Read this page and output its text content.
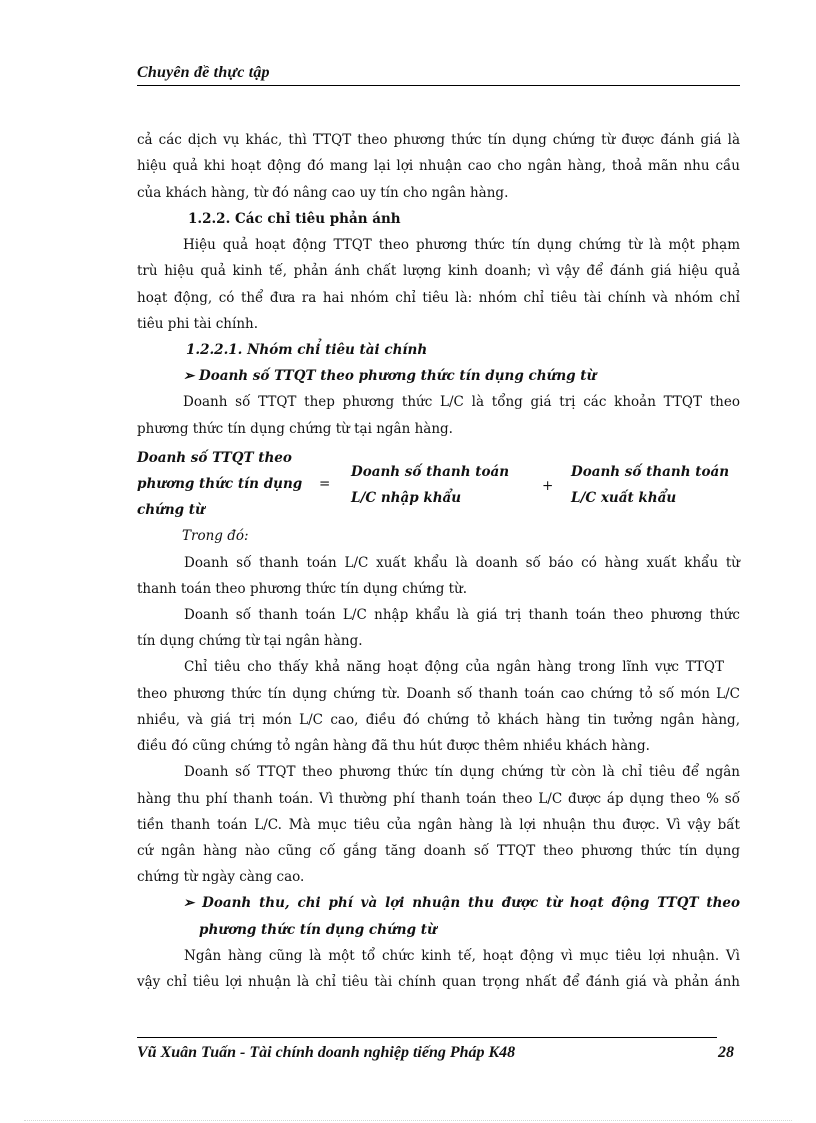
Chuyên đề thực tập
cả các dịch vụ khác, thì TTQT theo phương thức tín dụng chứng từ được đánh giá là
hiệu quả khi hoạt động đó mang lại lợi nhuận cao cho ngân hàng, thoả mãn nhu cầu
của khách hàng, từ đó nâng cao uy tín cho ngân hàng.
1.2.2. Các chỉ tiêu phản ánh
Hiệu quả hoạt động TTQT theo phương thức tín dụng chứng từ là một phạm
trù hiệu quả kinh tế, phản ánh chất lượng kinh doanh; vì vậy để đánh giá hiệu quả
hoạt động, có thể đưa ra hai nhóm chỉ tiêu là: nhóm chỉ tiêu tài chính và nhóm chỉ
tiêu phi tài chính.
1.2.2.1. Nhóm chỉ tiêu tài chính
➢ Doanh số TTQT theo phương thức tín dụng chứng từ
Doanh số TTQT thep phương thức L/C là tổng giá trị các khoản TTQT theo
phương thức tín dụng chứng từ tại ngân hàng.
Trong đó:
Doanh số thanh toán L/C xuất khẩu là doanh số báo có hàng xuất khẩu từ
thanh toán theo phương thức tín dụng chứng từ.
Doanh số thanh toán L/C nhập khẩu là giá trị thanh toán theo phương thức
tín dụng chứng từ tại ngân hàng.
Chỉ tiêu cho thấy khả năng hoạt động của ngân hàng trong lĩnh vực TTQT
theo phương thức tín dụng chứng từ. Doanh số thanh toán cao chứng tỏ số món L/C
nhiều, và giá trị món L/C cao, điều đó chứng tỏ khách hàng tin tưởng ngân hàng,
điều đó cũng chứng tỏ ngân hàng đã thu hút được thêm nhiều khách hàng.
Doanh số TTQT theo phương thức tín dụng chứng từ còn là chỉ tiêu để ngân
hàng thu phí thanh toán. Vì thường phí thanh toán theo L/C được áp dụng theo % số
tiền thanh toán L/C. Mà mục tiêu của ngân hàng là lợi nhuận thu được. Vì vậy bất
cứ ngân hàng nào cũng cố gắng tăng doanh số TTQT theo phương thức tín dụng
chứng từ ngày càng cao.
➢ Doanh thu, chi phí và lợi nhuận thu được từ hoạt động TTQT theo
phương thức tín dụng chứng từ
Ngân hàng cũng là một tổ chức kinh tế, hoạt động vì mục tiêu lợi nhuận. Vì
vậy chỉ tiêu lợi nhuận là chỉ tiêu tài chính quan trọng nhất để đánh giá và phản ánh
Doanh số TTQT theo
phương thức tín dụng
chứng từ
=
Doanh số thanh toán
L/C nhập khẩu
+
Doanh số thanh toán
L/C xuất khẩu
Vũ Xuân Tuấn - Tài chính doanh nghiệp tiếng Pháp K48	28
